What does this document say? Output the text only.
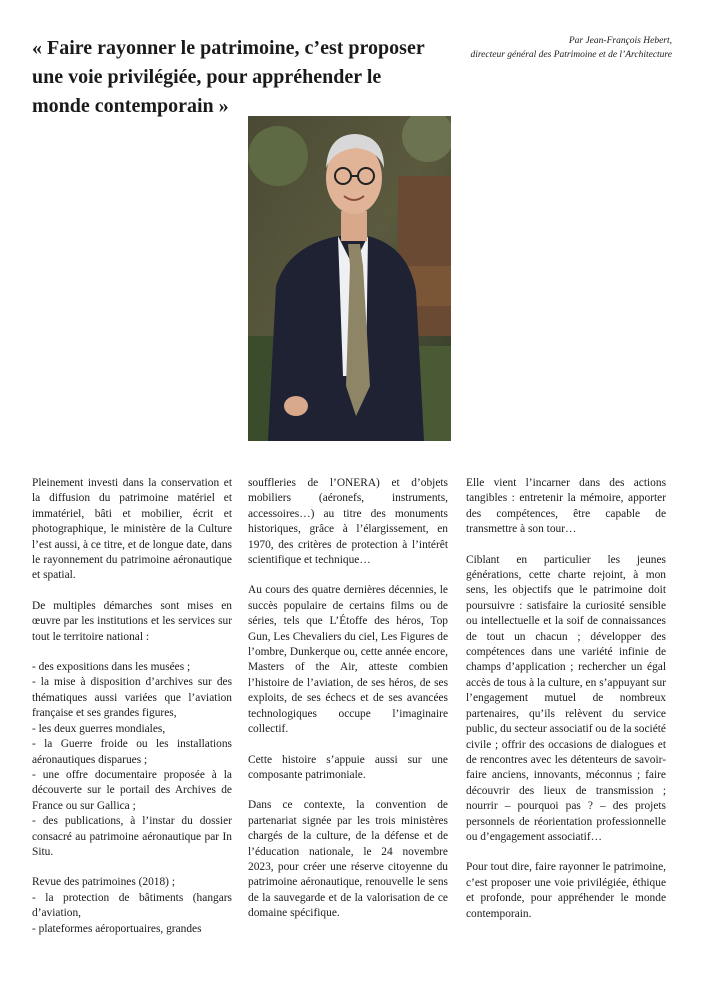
« Faire rayonner le patrimoine, c’est proposer une voie privilégiée, pour appréhender le monde contemporain »
Par Jean-François Hebert,
directeur général des Patrimoine et de l’Architecture

Pleinement investi dans la conservation et la diffusion du patrimoine matériel et immatériel, bâti et mobilier, écrit et photographique, le ministère de la Culture l’est aussi, à ce titre, et de longue date, dans le rayonnement du patrimoine aéronautique et spatial.

De multiples démarches sont mises en œuvre par les institutions et les services sur tout le territoire national :

- des expositions dans les musées ;

- la mise à disposition d’archives sur des thématiques aussi variées que l’aviation française et ses grandes figures,

- les deux guerres mondiales,

- la Guerre froide ou les installations aéronautiques disparues ;

- une offre documentaire proposée à la découverte sur le portail des Archives de France ou sur Gallica ;

- des publications, à l’instar du dossier consacré au patrimoine aéronautique par In Situ.

Revue des patrimoines (2018) ;

- la protection de bâtiments (hangars d’aviation,

- plateformes aéroportuaires, grandes

souffleries de l’ONERA) et d’objets mobiliers (aéronefs, instruments, accessoires…) au titre des monuments historiques, grâce à l’élargissement, en 1970, des critères de protection à l’intérêt scientifique et technique…

Au cours des quatre dernières décennies, le succès populaire de certains films ou de séries, tels que L’Étoffe des héros, Top Gun, Les Chevaliers du ciel, Les Figures de l’ombre, Dunkerque ou, cette année encore, Masters of the Air, atteste combien l’histoire de l’aviation, de ses héros, de ses exploits, de ses échecs et de ses avancées technologiques occupe l’imaginaire collectif.

Cette histoire s’appuie aussi sur une composante patrimoniale.

Dans ce contexte, la convention de partenariat signée par les trois ministères chargés de la culture, de la défense et de l’éducation nationale, le 24 novembre 2023, pour créer une réserve citoyenne du patrimoine aéronautique, renouvelle le sens de la sauvegarde et de la valorisation de ce domaine spécifique.

Elle vient l’incarner dans des actions tangibles : entretenir la mémoire, apporter des compétences, être capable de transmettre à son tour…

Ciblant en particulier les jeunes générations, cette charte rejoint, à mon sens, les objectifs que le patrimoine doit poursuivre : satisfaire la curiosité sensible ou intellectuelle et la soif de connaissances de tout un chacun ; développer des compétences dans une variété infinie de champs d’application ; rechercher un égal accès de tous à la culture, en s’appuyant sur l’engagement mutuel de nombreux partenaires, qu’ils relèvent du service public, du secteur associatif ou de la société civile ; offrir des occasions de dialogues et de rencontres avec les détenteurs de savoir-faire anciens, innovants, méconnus ; faire découvrir des lieux de transmission ; nourrir – pourquoi pas ? – des projets personnels de réorientation professionnelle ou d’engagement associatif…

Pour tout dire, faire rayonner le patrimoine, c’est proposer une voie privilégiée, éthique et profonde, pour appréhender le monde contemporain.
